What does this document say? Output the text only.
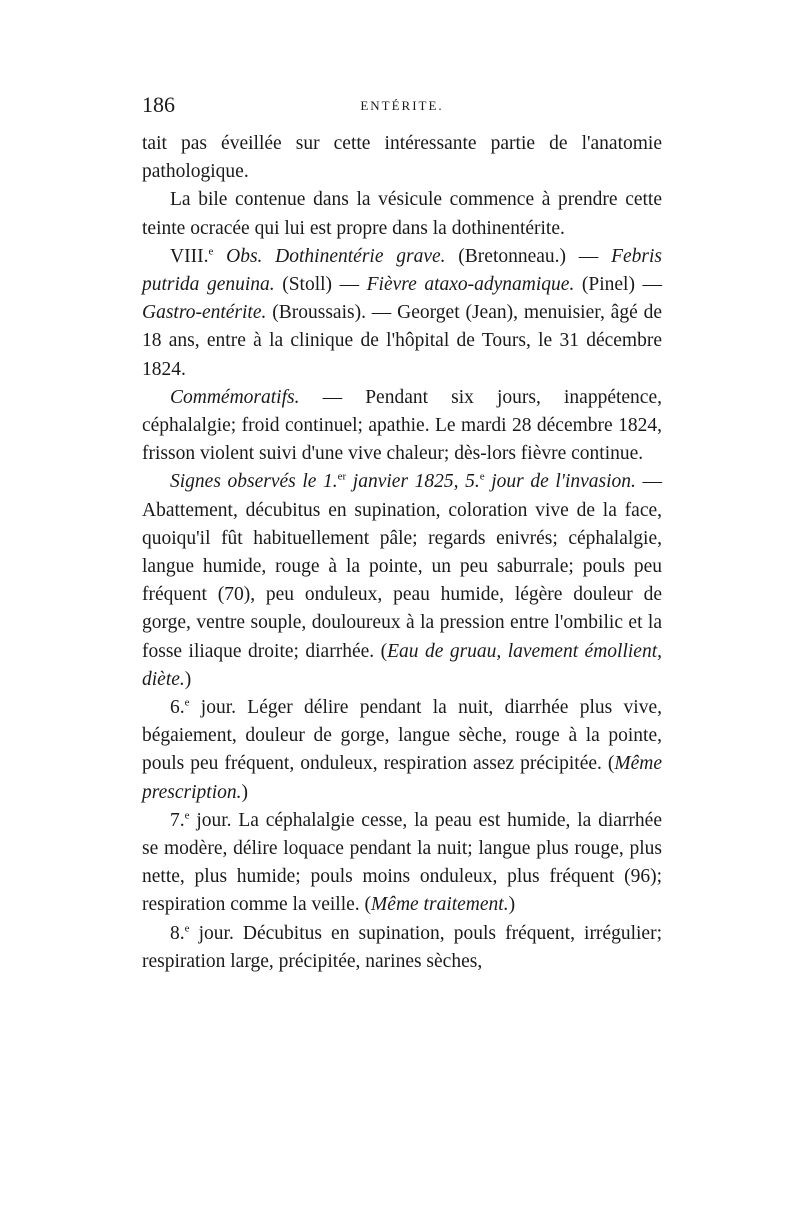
186	ENTÉRITE.

tait pas éveillée sur cette intéressante partie de l'anatomie pathologique.

La bile contenue dans la vésicule commence à prendre cette teinte ocracée qui lui est propre dans la dothinentérite.

VIII.$^e$ Obs. Dothinentérie grave. (Bretonneau.) — Febris putrida genuina. (Stoll) — Fièvre ataxo-adynamique. (Pinel) — Gastro-entérite. (Broussais). — Georget (Jean), menuisier, âgé de 18 ans, entre à la clinique de l'hôpital de Tours, le 31 décembre 1824.

Commémoratifs. — Pendant six jours, inappétence, céphalalgie; froid continuel; apathie. Le mardi 28 décembre 1824, frisson violent suivi d'une vive chaleur; dès-lors fièvre continue.

Signes observés le 1.$^{er}$ janvier 1825, 5.$^e$ jour de l'invasion. — Abattement, décubitus en supination, coloration vive de la face, quoiqu'il fût habituellement pâle; regards enivrés; céphalalgie, langue humide, rouge à la pointe, un peu saburrale; pouls peu fréquent (70), peu onduleux, peau humide, légère douleur de gorge, ventre souple, douloureux à la pression entre l'ombilic et la fosse iliaque droite; diarrhée. (Eau de gruau, lavement émollient, diète.)

6.$^e$ jour. Léger délire pendant la nuit, diarrhée plus vive, bégaiement, douleur de gorge, langue sèche, rouge à la pointe, pouls peu fréquent, onduleux, respiration assez précipitée. (Même prescription.)

7.$^e$ jour. La céphalalgie cesse, la peau est humide, la diarrhée se modère, délire loquace pendant la nuit; langue plus rouge, plus nette, plus humide; pouls moins onduleux, plus fréquent (96); respiration comme la veille. (Même traitement.)

8.$^e$ jour. Décubitus en supination, pouls fréquent, irrégulier; respiration large, précipitée, narines sèches,
